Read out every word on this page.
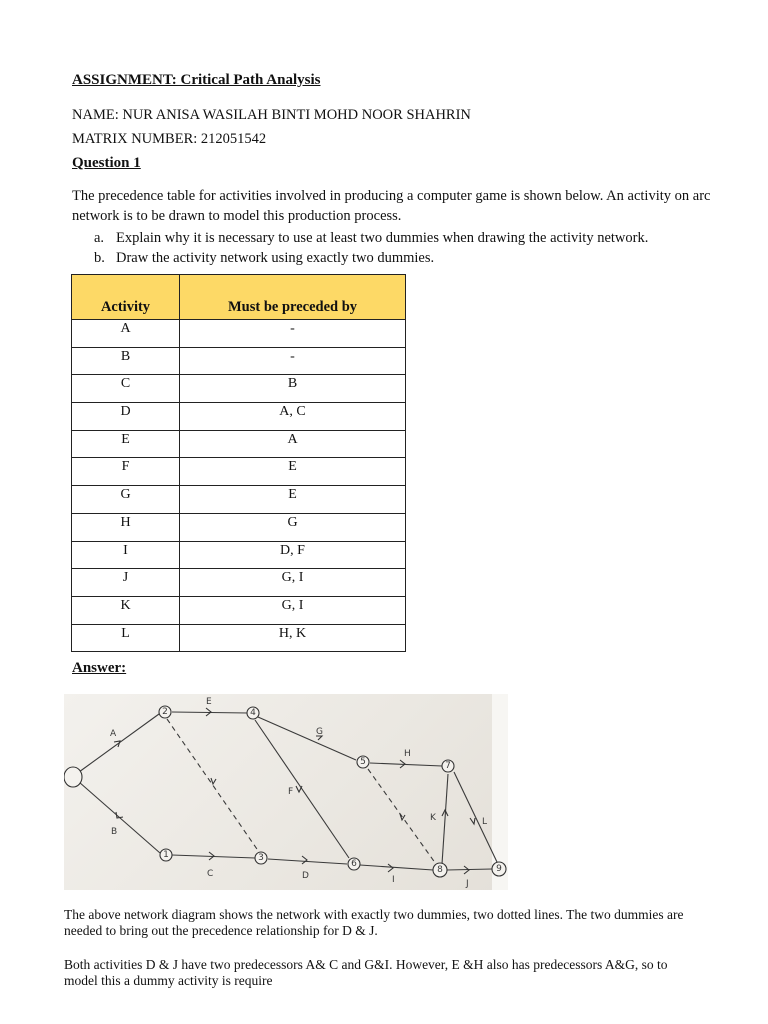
ASSIGNMENT: Critical Path Analysis
NAME: NUR ANISA WASILAH BINTI MOHD NOOR SHAHRIN
MATRIX NUMBER: 212051542
Question 1
The precedence table for activities involved in producing a computer game is shown below. An activity on arc network is to be drawn to model this production process.
a. Explain why it is necessary to use at least two dummies when drawing the activity network.
b. Draw the activity network using exactly two dummies.
Activity	Must be preceded by
A	-
B	-
C	B
D	A, C
E	A
F	E
G	E
H	G
I	D, F
J	G, I
K	G, I
L	H, K
Answer:
2
1
4
3
5
6
7
8	9
A
B
C	D
E
F
G
H
I	J
K	L
The above network diagram shows the network with exactly two dummies, two dotted lines. The two dummies are needed to bring out the precedence relationship for D & J.
Both activities D & J have two predecessors A& C and G&I. However, E &H also has predecessors A&G, so to model this a dummy activity is require
